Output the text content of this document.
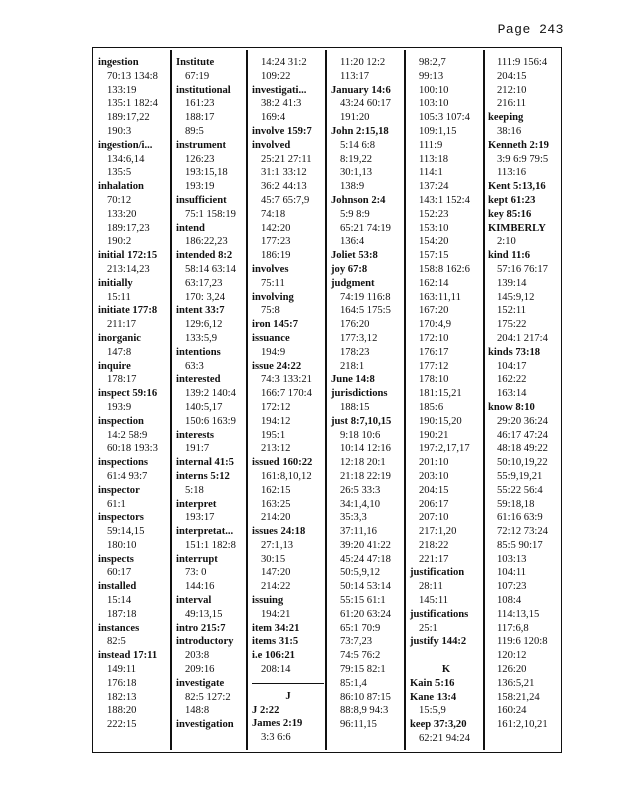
Page 243
ingestion
70:13 134:8
133:19
135:1 182:4
189:17,22
190:3
ingestion/i...
134:6,14
135:5
inhalation
70:12
133:20
189:17,23
190:2
initial 172:15
213:14,23
initially
15:11
initiate 177:8
211:17
inorganic
147:8
inquire
178:17
inspect 59:16
193:9
inspection
14:2 58:9
60:18 193:3
inspections
61:4 93:7
inspector
61:1
inspectors
59:14,15
180:10
inspects
60:17
installed
15:14
187:18
instances
82:5
instead 17:11
149:11
176:18
182:13
188:20
222:15
Institute
67:19
institutional
161:23
188:17
89:5
instrument
126:23
193:15,18
193:19
insufficient
75:1 158:19
intend
186:22,23
intended 8:2
58:14 63:14
63:17,23
170: 3,24
intent 33:7
129:6,12
133:5,9
intentions
63:3
interested
139:2 140:4
140:5,17
150:6 163:9
interests
191:7
internal 41:5
interns 5:12
5:18
interpret
193:17
interpretat...
151:1 182:8
interrupt
73: 0
144:16
interval
49:13,15
intro 215:7
introductory
203:8
209:16
investigate
82:5 127:2
148:8
investigation
14:24 31:2
109:22
investigati...
38:2 41:3
169:4
involve 159:7
involved
25:21 27:11
31:1 33:12
36:2 44:13
45:7 65:7,9
74:18
142:20
177:23
186:19
involves
75:11
involving
75:8
iron 145:7
issuance
194:9
issue 24:22
74:3 133:21
166:7 170:4
172:12
194:12
195:1
213:12
issued 160:22
161:8,10,12
162:15
163:25
214:20
issues 24:18
27:1,13
30:15
147:20
214:22
issuing
194:21
item 34:21
items 31:5
i.e 106:21
208:14
J
J 2:22
James 2:19
3:3 6:6
11:20 12:2
113:17
January 14:6
43:24 60:17
191:20
John 2:15,18
5:14 6:8
8:19,22
30:1,13
138:9
Johnson 2:4
5:9 8:9
65:21 74:19
136:4
Joliet 53:8
joy 67:8
judgment
74:19 116:8
164:5 175:5
176:20
177:3,12
178:23
218:1
June 14:8
jurisdictions
188:15
just 8:7,10,15
9:18 10:6
10:14 12:16
12:18 20:1
21:18 22:19
26:5 33:3
34:1,4,10
35:3,3
37:11,16
39:20 41:22
45:24 47:18
50:5,9,12
50:14 53:14
55:15 61:1
61:20 63:24
65:1 70:9
73:7,23
74:5 76:2
79:15 82:1
85:1,4
86:10 87:15
88:8,9 94:3
96:11,15
98:2,7
99:13
100:10
103:10
105:3 107:4
109:1,15
111:9
113:18
114:1
137:24
143:1 152:4
152:23
153:10
154:20
157:15
158:8 162:6
162:14
163:11,11
167:20
170:4,9
172:10
176:17
177:12
178:10
181:15,21
185:6
190:15,20
190:21
197:2,17,17
201:10
203:10
204:15
206:17
207:10
217:1,20
218:22
221:17
justification
28:11
145:11
justifications
25:1
justify 144:2
K
Kain 5:16
Kane 13:4
15:5,9
keep 37:3,20
62:21 94:24
111:9 156:4
204:15
212:10
216:11
keeping
38:16
Kenneth 2:19
3:9 6:9 79:5
113:16
Kent 5:13,16
kept 61:23
key 85:16
KIMBERLY
2:10
kind 11:6
57:16 76:17
139:14
145:9,12
152:11
175:22
204:1 217:4
kinds 73:18
104:17
162:22
163:14
know 8:10
29:20 36:24
46:17 47:24
48:18 49:22
50:10,19,22
55:9,19,21
55:22 56:4
59:18,18
61:16 63:9
72:12 73:24
85:5 90:17
103:13
104:11
107:23
108:4
114:13,15
117:6,8
119:6 120:8
120:12
126:20
136:5,21
158:21,24
160:24
161:2,10,21
